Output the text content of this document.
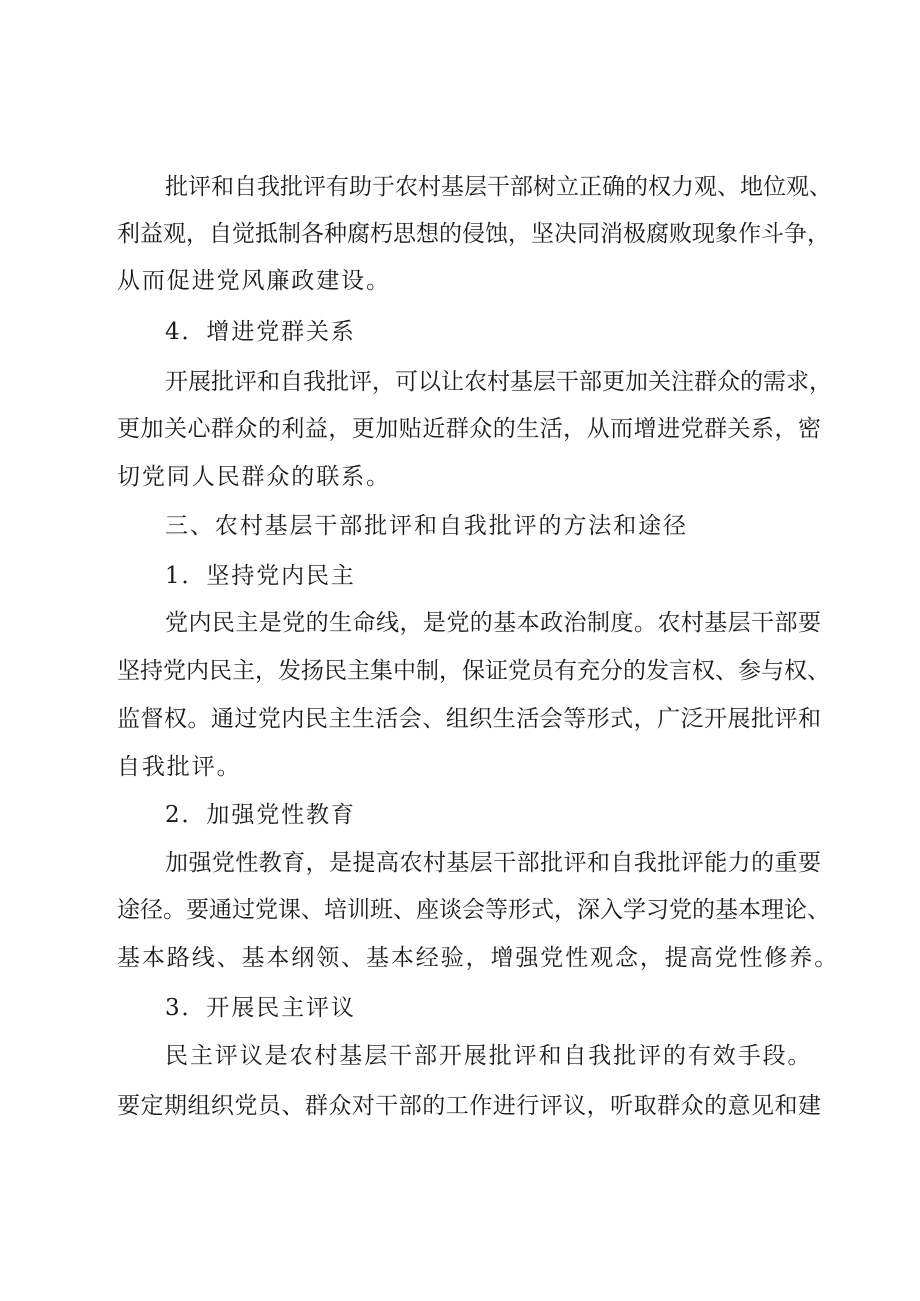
批评和自我批评有助于农村基层干部树立正确的权力观、地位观、
利益观，自觉抵制各种腐朽思想的侵蚀，坚决同消极腐败现象作斗争，
从而促进党风廉政建设。
4．增进党群关系
开展批评和自我批评，可以让农村基层干部更加关注群众的需求，
更加关心群众的利益，更加贴近群众的生活，从而增进党群关系，密
切党同人民群众的联系。
三、农村基层干部批评和自我批评的方法和途径
1．坚持党内民主
党内民主是党的生命线，是党的基本政治制度。农村基层干部要
坚持党内民主，发扬民主集中制，保证党员有充分的发言权、参与权、
监督权。通过党内民主生活会、组织生活会等形式，广泛开展批评和
自我批评。
2．加强党性教育
加强党性教育，是提高农村基层干部批评和自我批评能力的重要
途径。要通过党课、培训班、座谈会等形式，深入学习党的基本理论、
基本路线、基本纲领、基本经验，增强党性观念，提高党性修养。
3．开展民主评议
民主评议是农村基层干部开展批评和自我批评的有效手段。
要定期组织党员、群众对干部的工作进行评议，听取群众的意见和建
